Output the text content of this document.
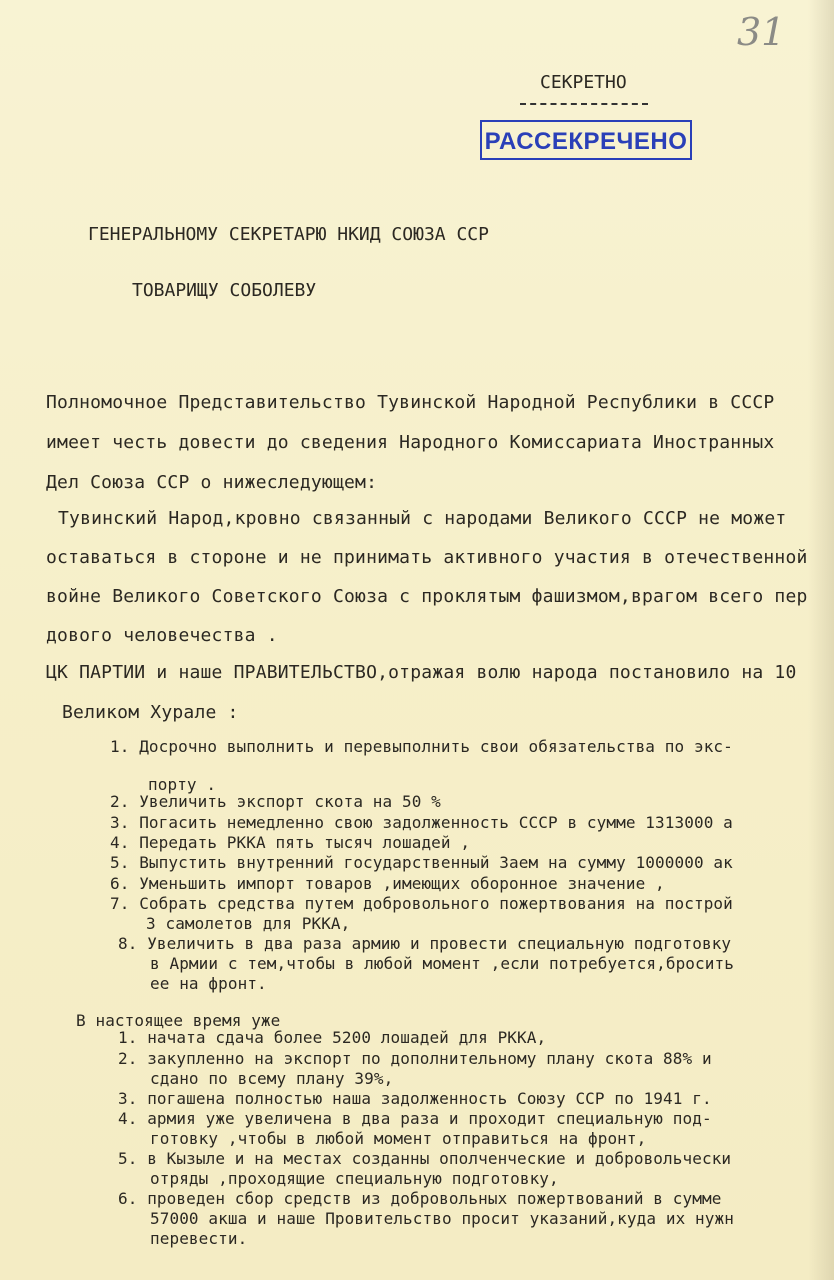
31
СЕКРЕТНО
РАССЕКРЕЧЕНО
ГЕНЕРАЛЬНОМУ СЕКРЕТАРЮ НКИД СОЮЗА ССР
ТОВАРИЩУ СОБОЛЕВУ
Полномочное Представительство Тувинской Народной Республики в СССР
имеет честь довести до сведения Народного Комиссариата Иностранных
Дел Союза ССР о нижеследующем:
Тувинский Народ,кровно связанный с народами Великого СССР не может
оставаться в стороне и не принимать активного участия в отечественной
войне Великого Советского Союза с проклятым фашизмом,врагом всего пер
дового человечества .
ЦК ПАРТИИ и наше ПРАВИТЕЛЬСТВО,отражая волю народа постановило на 10
Великом Хурале :
1. Досрочно выполнить и перевыполнить свои обязательства по экс-
портy .
2. Увеличить экспорт скота на 50 %
3. Погасить немедленно свою задолженность СССР в сумме 1313000 а
4. Передать РККА пять тысяч лошадей ,
5. Выпустить внутренний государственный Заем на сумму 1000000 ак
6. Уменьшить импорт товаров ,имеющих оборонное значение ,
7. Собрать средства путем добровольного пожертвования на построй
3 самолетов для РККА,
8. Увеличить в два раза армию и провести специальную подготовку
в Армии с тем,чтобы в любой момент ,если потребуется,бросить
ее на фронт.
В настоящее время уже
1. начата сдача более 5200 лошадей для РККА,
2. закупленно на экспорт по дополнительному плану скота 88% и
сдано по всему плану 39%,
3. погашена полностью наша задолженность Союзу ССР по 1941 г.
4. армия уже увеличена в два раза и проходит специальную под-
готовку ,чтобы в любой момент отправиться на фронт,
5. в Кызыле и на местах созданны ополченческие и добровольчески
отряды ,проходящие специальную подготовку,
6. проведен сбор средств из добровольных пожертвований в сумме
57000 акша и наше Провительство просит указаний,куда их нужн
перевести.
